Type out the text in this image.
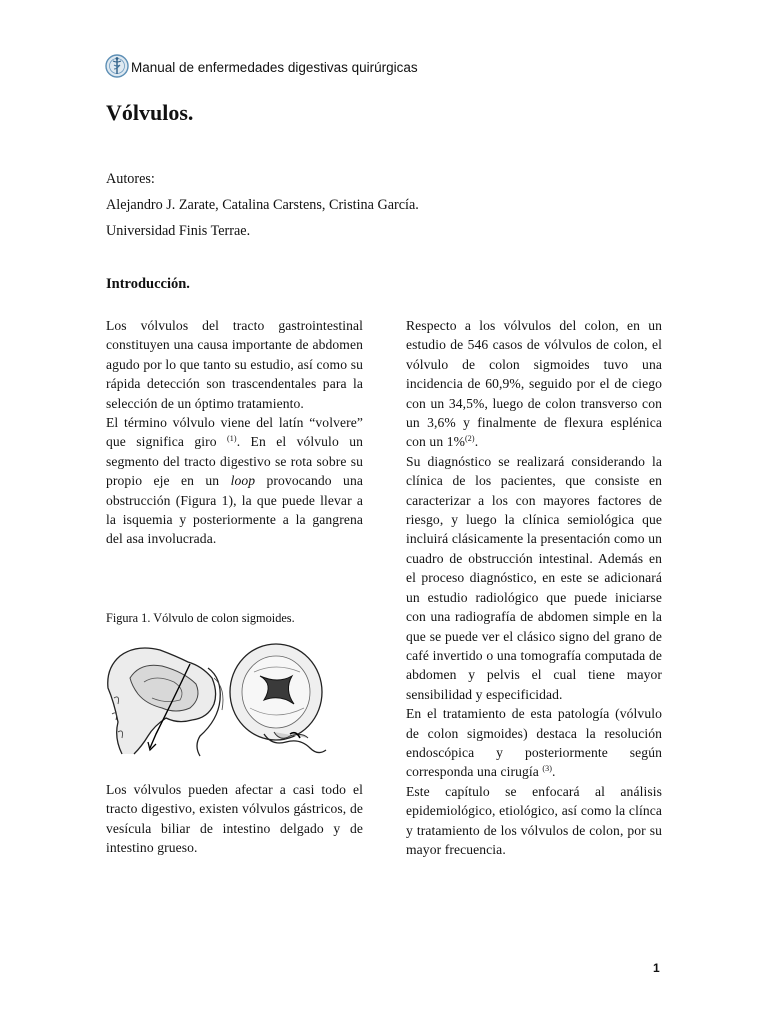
Manual de enfermedades digestivas quirúrgicas
Vólvulos.
Autores:
Alejandro J. Zarate, Catalina Carstens, Cristina García.
Universidad Finis Terrae.
Introducción.

Los vólvulos del tracto gastrointestinal constituyen una causa importante de abdomen agudo por lo que tanto su estudio, así como su rápida detección son trascendentales para la selección de un óptimo tratamiento.

El término vólvulo viene del latín “volvere” que significa giro $^{(1)}$. En el vólvulo un segmento del tracto digestivo se rota sobre su propio eje en un loop provocando una obstrucción (Figura 1), la que puede llevar a la isquemia y posteriormente a la gangrena del asa involucrada.

Figura 1. Vólvulo de colon sigmoides.

Los vólvulos pueden afectar a casi todo el tracto digestivo, existen vólvulos gástricos, de vesícula biliar de intestino delgado y de intestino grueso.

Respecto a los vólvulos del colon, en un estudio de 546 casos de vólvulos de colon, el vólvulo de colon sigmoides tuvo una incidencia de 60,9%, seguido por el de ciego con un 34,5%, luego de colon transverso con un 3,6% y finalmente de flexura esplénica con un 1%$^{(2)}$.

Su diagnóstico se realizará considerando la clínica de los pacientes, que consiste en caracterizar a los con mayores factores de riesgo, y luego la clínica semiológica que incluirá clásicamente la presentación como un cuadro de obstrucción intestinal. Además en el proceso diagnóstico, en este se adicionará un estudio radiológico que puede iniciarse con una radiografía de abdomen simple en la que se puede ver el clásico signo del grano de café invertido o una tomografía computada de abdomen y pelvis el cual tiene mayor sensibilidad y especificidad.

En el tratamiento de esta patología (vólvulo de colon sigmoides) destaca la resolución endoscópica y posteriormente según corresponda una cirugía $^{(3)}$.

Este capítulo se enfocará al análisis epidemiológico, etiológico, así como la clínca y tratamiento de los vólvulos de colon, por su mayor frecuencia.

1
